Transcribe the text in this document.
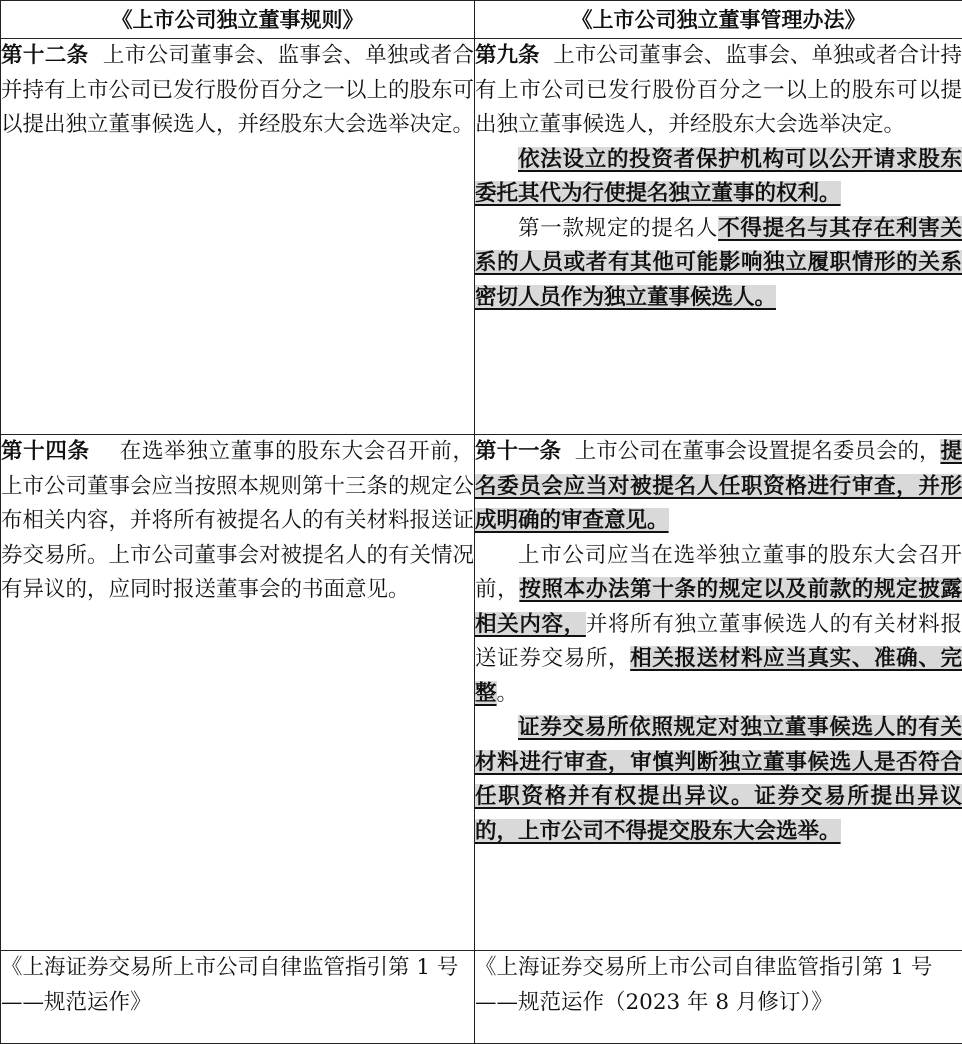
《上市公司独立董事规则》	《上市公司独立董事管理办法》

第十二条 上市公司董事会、监事会、单独或者合并持有上市公司已发行股份百分之一以上的股东可以提出独立董事候选人，并经股东大会选举决定。	第九条 上市公司董事会、监事会、单独或者合计持有上市公司已发行股份百分之一以上的股东可以提出独立董事候选人，并经股东大会选举决定。

依法设立的投资者保护机构可以公开请求股东委托其代为行使提名独立董事的权利。

第一款规定的提名人不得提名与其存在利害关系的人员或者有其他可能影响独立履职情形的关系密切人员作为独立董事候选人。

第十四条 在选举独立董事的股东大会召开前，上市公司董事会应当按照本规则第十三条的规定公布相关内容，并将所有被提名人的有关材料报送证券交易所。上市公司董事会对被提名人的有关情况有异议的，应同时报送董事会的书面意见。	第十一条 上市公司在董事会设置提名委员会的，提名委员会应当对被提名人任职资格进行审查，并形成明确的审查意见。

上市公司应当在选举独立董事的股东大会召开前，按照本办法第十条的规定以及前款的规定披露相关内容，并将所有独立董事候选人的有关材料报送证券交易所，相关报送材料应当真实、准确、完整。

证券交易所依照规定对独立董事候选人的有关材料进行审查，审慎判断独立董事候选人是否符合任职资格并有权提出异议。证券交易所提出异议的，上市公司不得提交股东大会选举。

《上海证券交易所上市公司自律监管指引第 1 号——规范运作》	《上海证券交易所上市公司自律监管指引第 1 号——规范运作（2023 年 8 月修订）》
